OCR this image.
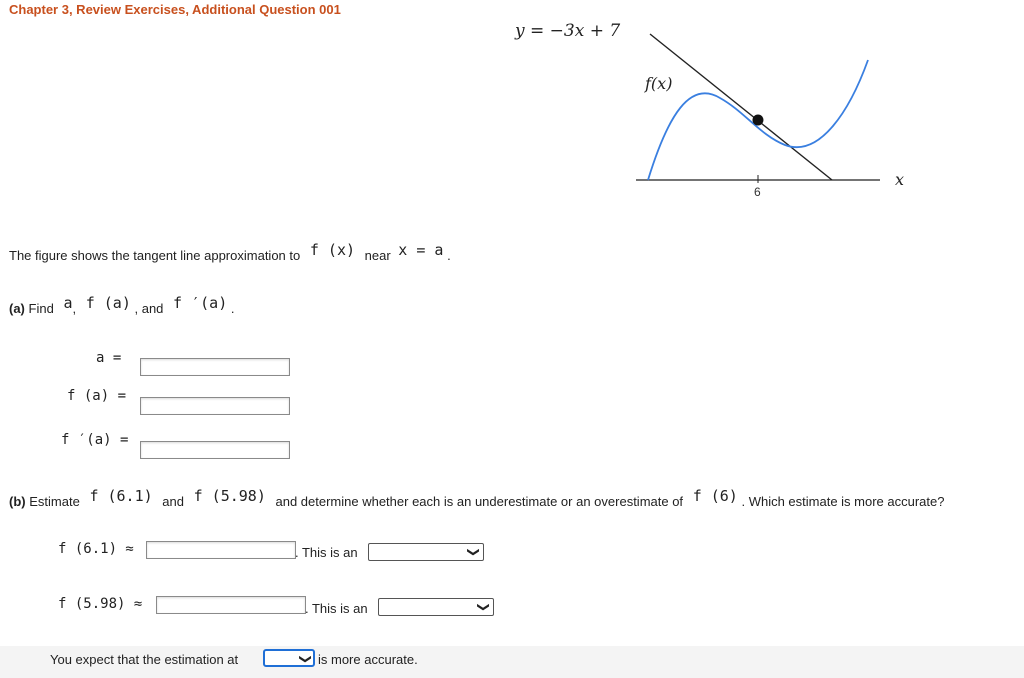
Chapter 3, Review Exercises, Additional Question 001
y = −3x + 7
f(x)
6
x
The figure shows the tangent line approximation to f (x) near x = a .
(a) Find a, f (a) , and f ′(a) .
a =
f (a) =
f ′(a) =
(b) Estimate f (6.1) and f (5.98) and determine whether each is an underestimate or an overestimate of f (6) . Which estimate is more accurate?
f (6.1) ≈	. This is an	❯
f (5.98) ≈	. This is an	❯
You expect that the estimation at	❯ is more accurate.
